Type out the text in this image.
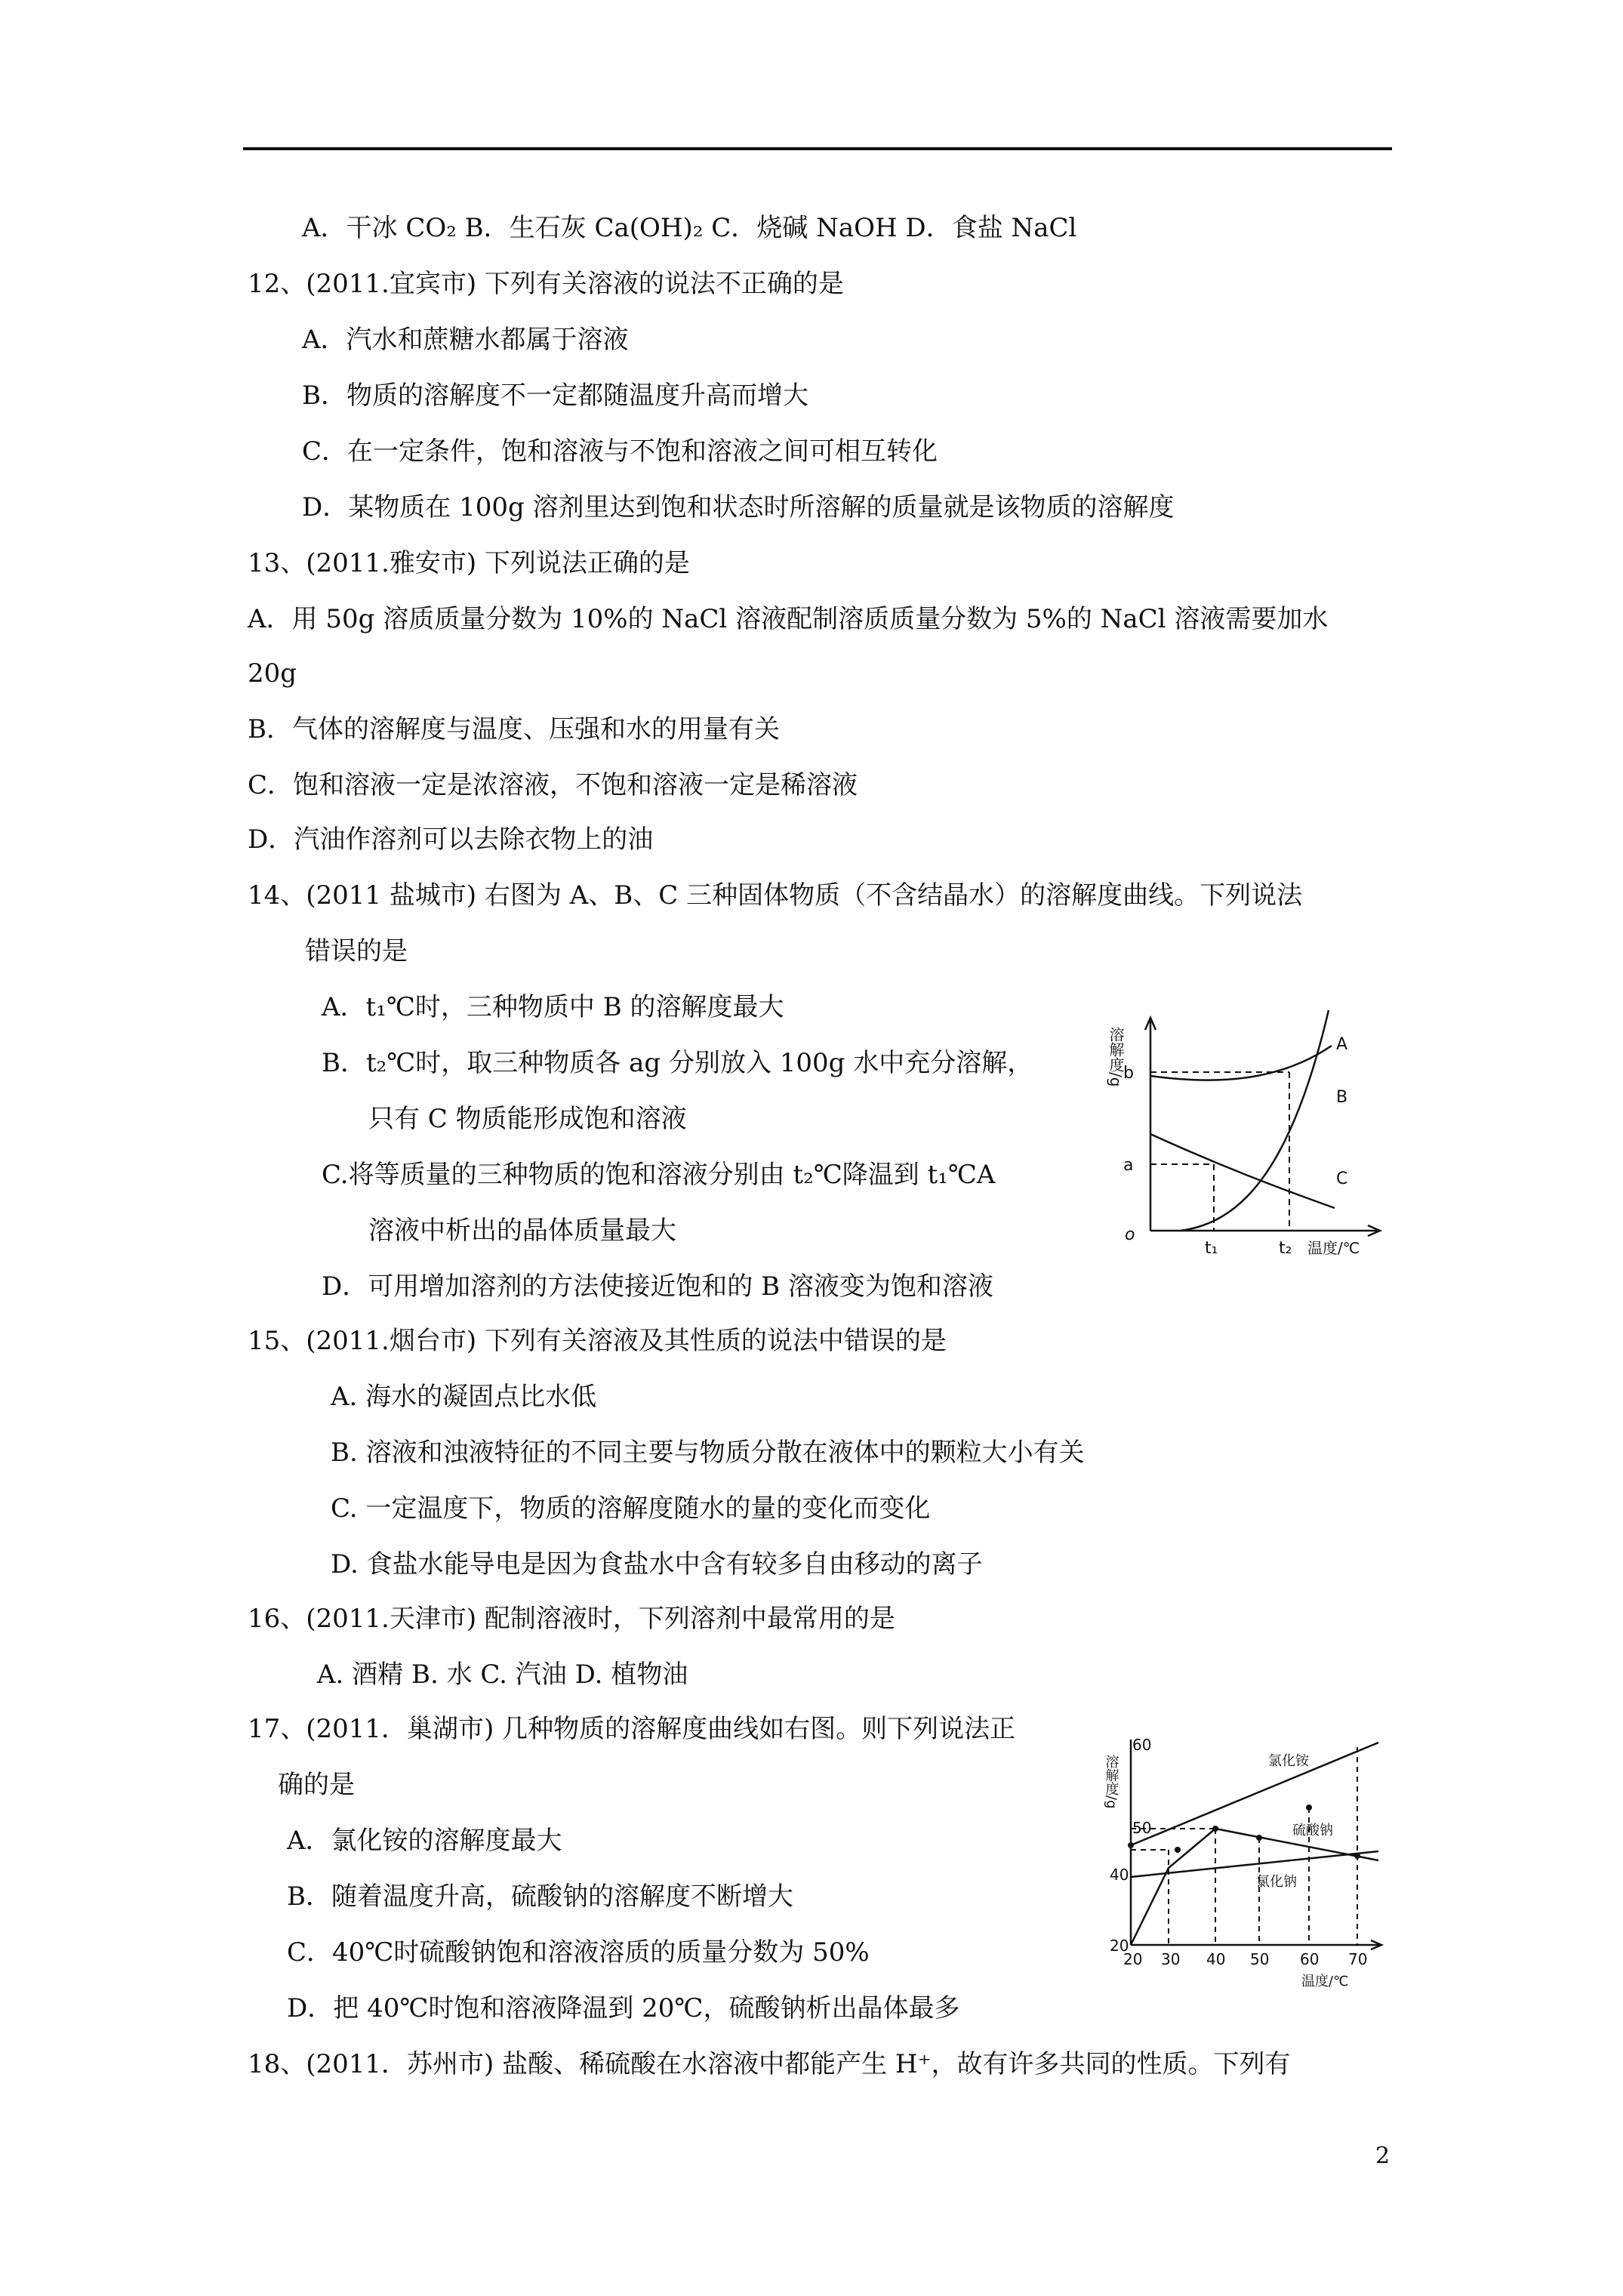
A．干冰 CO₂ B．生石灰 Ca(OH)₂ C．烧碱 NaOH D．食盐 NaCl
12、(2011.宜宾市) 下列有关溶液的说法不正确的是
A．汽水和蔗糖水都属于溶液
B．物质的溶解度不一定都随温度升高而增大
C．在一定条件，饱和溶液与不饱和溶液之间可相互转化
D．某物质在 100g 溶剂里达到饱和状态时所溶解的质量就是该物质的溶解度
13、(2011.雅安市) 下列说法正确的是
A．用 50g 溶质质量分数为 10%的 NaCl 溶液配制溶质质量分数为 5%的 NaCl 溶液需要加水
20g
B．气体的溶解度与温度、压强和水的用量有关
C．饱和溶液一定是浓溶液，不饱和溶液一定是稀溶液
D．汽油作溶剂可以去除衣物上的油
14、(2011 盐城市) 右图为 A、B、C 三种固体物质（不含结晶水）的溶解度曲线。下列说法
错误的是
A．t₁℃时，三种物质中 B 的溶解度最大
B．t₂℃时，取三种物质各 ag 分别放入 100g 水中充分溶解，
只有 C 物质能形成饱和溶液
C.将等质量的三种物质的饱和溶液分别由 t₂℃降温到 t₁℃A
溶液中析出的晶体质量最大
D．可用增加溶剂的方法使接近饱和的 B 溶液变为饱和溶液
15、(2011.烟台市) 下列有关溶液及其性质的说法中错误的是
A. 海水的凝固点比水低
B. 溶液和浊液特征的不同主要与物质分散在液体中的颗粒大小有关
C. 一定温度下，物质的溶解度随水的量的变化而变化
D. 食盐水能导电是因为食盐水中含有较多自由移动的离子
16、(2011.天津市) 配制溶液时，下列溶剂中最常用的是
A. 酒精 B. 水 C. 汽油 D. 植物油
17、(2011．巢湖市) 几种物质的溶解度曲线如右图。则下列说法正
确的是
A．氯化铵的溶解度最大
B．随着温度升高，硫酸钠的溶解度不断增大
C．40℃时硫酸钠饱和溶液溶质的质量分数为 50%
D．把 40℃时饱和溶液降温到 20℃，硫酸钠析出晶体最多
18、(2011．苏州市) 盐酸、稀硫酸在水溶液中都能产生 H⁺，故有许多共同的性质。下列有
2
溶解度/g
o
b
a
t₁	t₂ 温度/℃
A
B
C
溶解度/g
60
50
40
20
20 30 40 50 60 70
温度/℃
氯化铵
硫酸钠
氯化钠
